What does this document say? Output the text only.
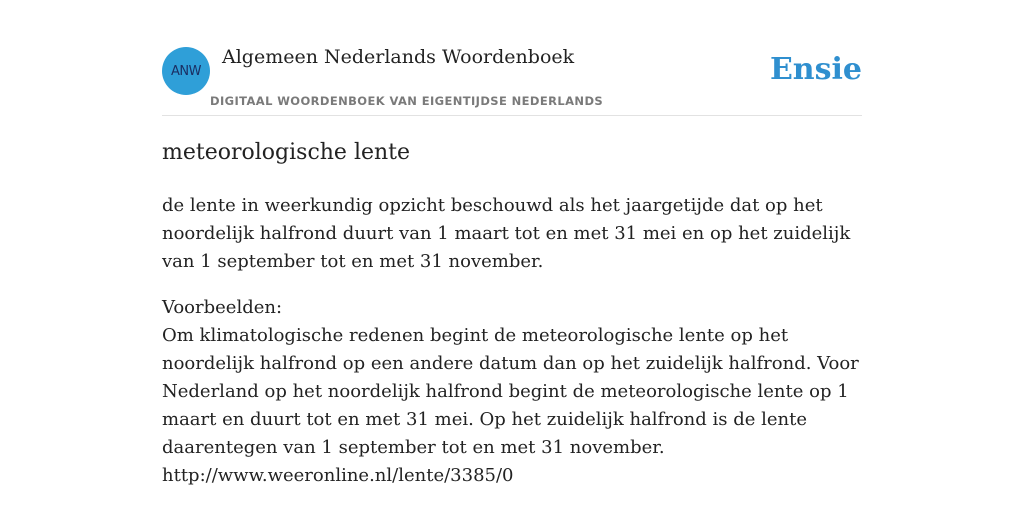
ANW
Algemeen Nederlands Woordenboek
DIGITAAL WOORDENBOEK VAN EIGENTIJDSE NEDERLANDS
Ensie
meteorologische lente

de lente in weerkundig opzicht beschouwd als het jaargetijde dat op het noordelijk halfrond duurt van 1 maart tot en met 31 mei en op het zuidelijk van 1 september tot en met 31 november.

Voorbeelden:
Om klimatologische redenen begint de meteorologische lente op het noordelijk halfrond op een andere datum dan op het zuidelijk halfrond. Voor Nederland op het noordelijk halfrond begint de meteorologische lente op 1 maart en duurt tot en met 31 mei. Op het zuidelijk halfrond is de lente daarentegen van 1 september tot en met 31 november.
http://www.weeronline.nl/lente/3385/0
